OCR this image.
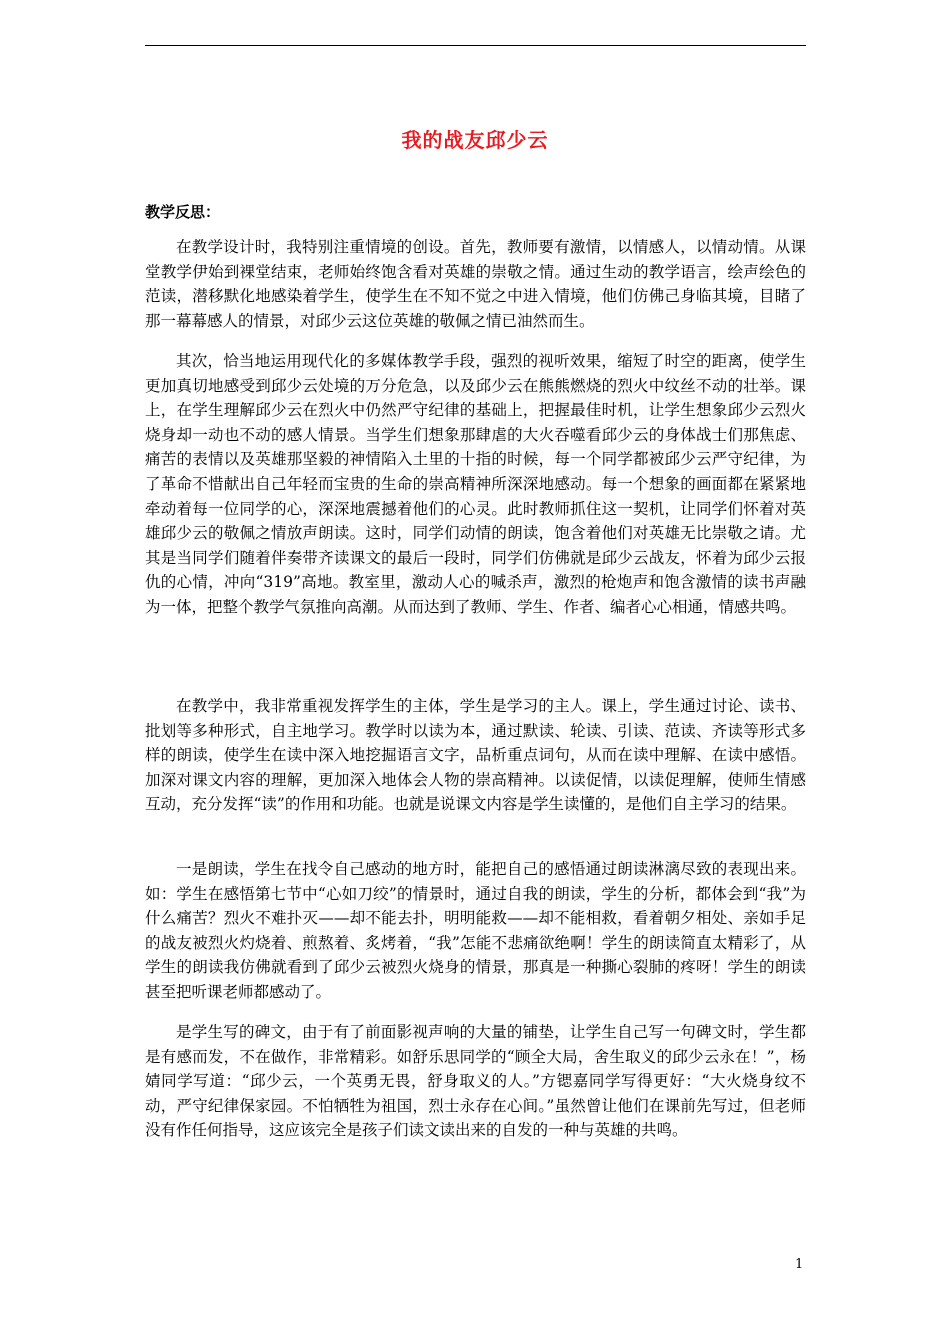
我的战友邱少云
教学反思：

在教学设计时，我特别注重情境的创设。首先，教师要有激情，以情感人，以情动情。从课堂教学伊始到裸堂结束，老师始终饱含看对英雄的崇敬之情。通过生动的教学语言，绘声绘色的范读，潜移默化地感染着学生，使学生在不知不觉之中进入情境，他们仿佛己身临其境，目睹了那一幕幕感人的情景，对邱少云这位英雄的敬佩之情已油然而生。

其次，恰当地运用现代化的多媒体教学手段，强烈的视听效果，缩短了时空的距离，使学生更加真切地感受到邱少云处境的万分危急，以及邱少云在熊熊燃烧的烈火中纹丝不动的壮举。课上，在学生理解邱少云在烈火中仍然严守纪律的基础上，把握最佳时机，让学生想象邱少云烈火烧身却一动也不动的感人情景。当学生们想象那肆虐的大火吞噬看邱少云的身体战士们那焦虑、痛苦的表情以及英雄那坚毅的神情陷入土里的十指的时候，每一个同学都被邱少云严守纪律，为了革命不惜献出自己年轻而宝贵的生命的崇高精神所深深地感动。每一个想象的画面都在紧紧地牵动着每一位同学的心，深深地震撼着他们的心灵。此时教师抓住这一契机，让同学们怀着对英雄邱少云的敬佩之情放声朗读。这时，同学们动情的朗读，饱含着他们对英雄无比崇敬之请。尤其是当同学们随着伴奏带齐读课文的最后一段时，同学们仿佛就是邱少云战友，怀着为邱少云报仇的心情，冲向“319”高地。教室里，激动人心的喊杀声，激烈的枪炮声和饱含激情的读书声融为一体，把整个教学气氛推向高潮。从而达到了教师、学生、作者、编者心心相通，情感共鸣。

在教学中，我非常重视发挥学生的主体，学生是学习的主人。课上，学生通过讨论、读书、批划等多种形式，自主地学习。教学时以读为本，通过默读、轮读、引读、范读、齐读等形式多样的朗读，使学生在读中深入地挖掘语言文字，品析重点词句，从而在读中理解、在读中感悟。加深对课文内容的理解，更加深入地体会人物的崇高精神。以读促情，以读促理解，使师生情感互动，充分发挥“读”的作用和功能。也就是说课文内容是学生读懂的，是他们自主学习的结果。

一是朗读，学生在找令自己感动的地方时，能把自己的感悟通过朗读淋漓尽致的表现出来。如：学生在感悟第七节中“心如刀绞”的情景时，通过自我的朗读，学生的分析，都体会到“我”为什么痛苦？烈火不难扑灭——却不能去扑，明明能救——却不能相救，看着朝夕相处、亲如手足的战友被烈火灼烧着、煎熬着、炙烤着，“我”怎能不悲痛欲绝啊！学生的朗读简直太精彩了，从学生的朗读我仿佛就看到了邱少云被烈火烧身的情景，那真是一种撕心裂肺的疼呀！学生的朗读甚至把听课老师都感动了。

是学生写的碑文，由于有了前面影视声响的大量的铺垫，让学生自己写一句碑文时，学生都是有感而发，不在做作，非常精彩。如舒乐思同学的“顾全大局，舍生取义的邱少云永在！”，杨婧同学写道：“邱少云，一个英勇无畏，舒身取义的人。”方锶嘉同学写得更好：“大火烧身纹不动，严守纪律保家园。不怕牺牲为祖国，烈士永存在心间。”虽然曾让他们在课前先写过，但老师没有作任何指导，这应该完全是孩子们读文读出来的自发的一种与英雄的共鸣。

1
